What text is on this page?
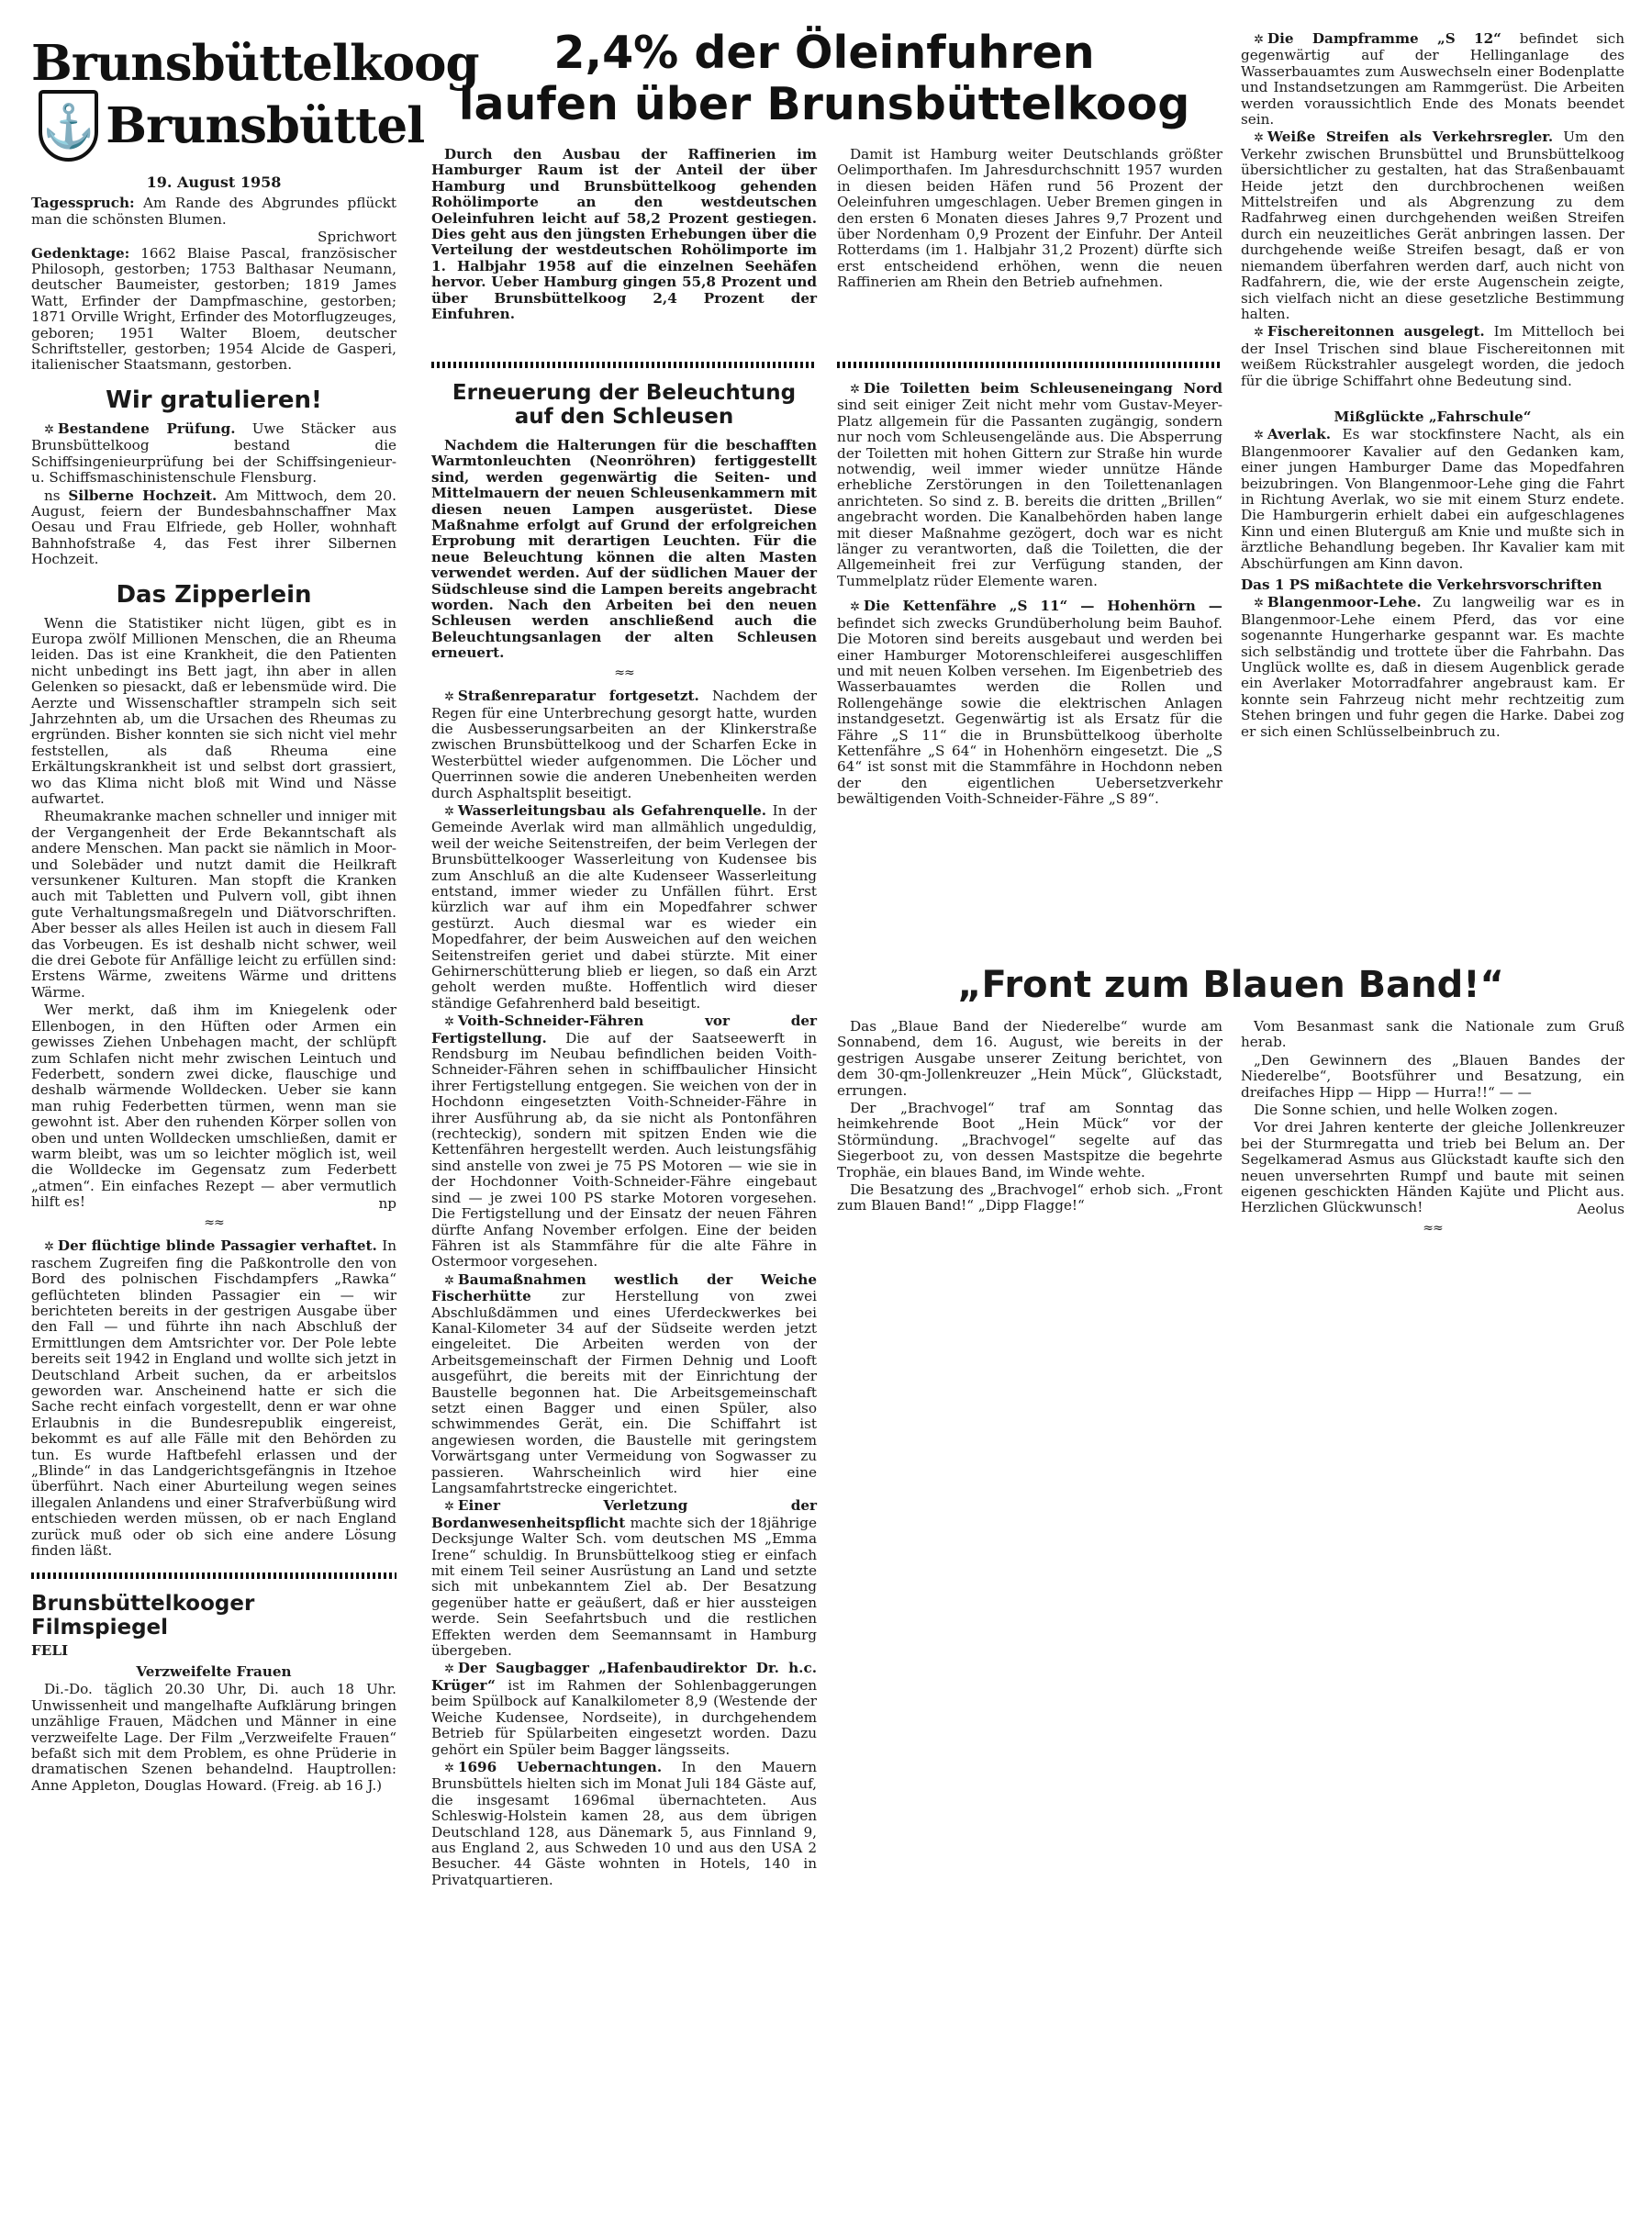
Brunsbüttelkoog
⚓ Brunsbüttel
19. August 1958

Tagesspruch: Am Rande des Abgrundes pflückt man die schönsten Blumen.

Sprichwort

Gedenktage: 1662 Blaise Pascal, französischer Philosoph, gestorben; 1753 Balthasar Neumann, deutscher Baumeister, gestorben; 1819 James Watt, Erfinder der Dampfmaschine, gestorben; 1871 Orville Wright, Erfinder des Motorflugzeuges, geboren; 1951 Walter Bloem, deutscher Schriftsteller, gestorben; 1954 Alcide de Gasperi, italienischer Staatsmann, gestorben.

Wir gratulieren!

✲ Bestandene Prüfung. Uwe Stäcker aus Brunsbüttelkoog bestand die Schiffsingenieurprüfung bei der Schiffsingenieur- u. Schiffsmaschinistenschule Flensburg.

ns Silberne Hochzeit. Am Mittwoch, dem 20. August, feiern der Bundesbahnschaffner Max Oesau und Frau Elfriede, geb Holler, wohnhaft Bahnhofstraße 4, das Fest ihrer Silbernen Hochzeit.

Das Zipperlein

Wenn die Statistiker nicht lügen, gibt es in Europa zwölf Millionen Menschen, die an Rheuma leiden. Das ist eine Krankheit, die den Patienten nicht unbedingt ins Bett jagt, ihn aber in allen Gelenken so piesackt, daß er lebensmüde wird. Die Aerzte und Wissenschaftler strampeln sich seit Jahrzehnten ab, um die Ursachen des Rheumas zu ergründen. Bisher konnten sie sich nicht viel mehr feststellen, als daß Rheuma eine Erkältungskrankheit ist und selbst dort grassiert, wo das Klima nicht bloß mit Wind und Nässe aufwartet.

Rheumakranke machen schneller und inniger mit der Vergangenheit der Erde Bekanntschaft als andere Menschen. Man packt sie nämlich in Moor- und Solebäder und nutzt damit die Heilkraft versunkener Kulturen. Man stopft die Kranken auch mit Tabletten und Pulvern voll, gibt ihnen gute Verhaltungsmaßregeln und Diätvorschriften. Aber besser als alles Heilen ist auch in diesem Fall das Vorbeugen. Es ist deshalb nicht schwer, weil die drei Gebote für Anfällige leicht zu erfüllen sind: Erstens Wärme, zweitens Wärme und drittens Wärme.

Wer merkt, daß ihm im Kniegelenk oder Ellenbogen, in den Hüften oder Armen ein gewisses Ziehen Unbehagen macht, der schlüpft zum Schlafen nicht mehr zwischen Leintuch und Federbett, sondern zwei dicke, flauschige und deshalb wärmende Wolldecken. Ueber sie kann man ruhig Federbetten türmen, wenn man sie gewohnt ist. Aber den ruhenden Körper sollen von oben und unten Wolldecken umschließen, damit er warm bleibt, was um so leichter möglich ist, weil die Wolldecke im Gegensatz zum Federbett „atmen“. Ein einfaches Rezept — aber vermutlich hilft es!	np
≈≈

✲ Der flüchtige blinde Passagier verhaftet. In raschem Zugreifen fing die Paßkontrolle den von Bord des polnischen Fischdampfers „Rawka“ geflüchteten blinden Passagier ein — wir berichteten bereits in der gestrigen Ausgabe über den Fall — und führte ihn nach Abschluß der Ermittlungen dem Amtsrichter vor. Der Pole lebte bereits seit 1942 in England und wollte sich jetzt in Deutschland Arbeit suchen, da er arbeitslos geworden war. Anscheinend hatte er sich die Sache recht einfach vorgestellt, denn er war ohne Erlaubnis in die Bundesrepublik eingereist, bekommt es auf alle Fälle mit den Behörden zu tun. Es wurde Haftbefehl erlassen und der „Blinde“ in das Landgerichtsgefängnis in Itzehoe überführt. Nach einer Aburteilung wegen seines illegalen Anlandens und einer Strafverbüßung wird entschieden werden müssen, ob er nach England zurück muß oder ob sich eine andere Lösung finden läßt.

Brunsbüttelkooger Filmspiegel
FELI
Verzweifelte Frauen

Di.-Do. täglich 20.30 Uhr, Di. auch 18 Uhr. Unwissenheit und mangelhafte Aufklärung bringen unzählige Frauen, Mädchen und Männer in eine verzweifelte Lage. Der Film „Verzweifelte Frauen“ befaßt sich mit dem Problem, es ohne Prüderie in dramatischen Szenen behandelnd. Hauptrollen: Anne Appleton, Douglas Howard. (Freig. ab 16 J.)

2,4% der Öleinfuhren
laufen über Brunsbüttelkoog

Durch den Ausbau der Raffinerien im Hamburger Raum ist der Anteil der über Hamburg und Brunsbüttelkoog gehenden Rohölimporte an den westdeutschen Oeleinfuhren leicht auf 58,2 Prozent gestiegen. Dies geht aus den jüngsten Erhebungen über die Verteilung der westdeutschen Rohölimporte im 1. Halbjahr 1958 auf die einzelnen Seehäfen hervor. Ueber Hamburg gingen 55,8 Prozent und über Brunsbüttelkoog 2,4 Prozent der Einfuhren.

Damit ist Hamburg weiter Deutschlands größter Oelimporthafen. Im Jahresdurchschnitt 1957 wurden in diesen beiden Häfen rund 56 Prozent der Oeleinfuhren umgeschlagen. Ueber Bremen gingen in den ersten 6 Monaten dieses Jahres 9,7 Prozent und über Nordenham 0,9 Prozent der Einfuhr. Der Anteil Rotterdams (im 1. Halbjahr 31,2 Prozent) dürfte sich erst entscheidend erhöhen, wenn die neuen Raffinerien am Rhein den Betrieb aufnehmen.

Erneuerung der Beleuchtung auf den Schleusen

Nachdem die Halterungen für die beschafften Warmtonleuchten (Neonröhren) fertiggestellt sind, werden gegenwärtig die Seiten- und Mittelmauern der neuen Schleusenkammern mit diesen neuen Lampen ausgerüstet. Diese Maßnahme erfolgt auf Grund der erfolgreichen Erprobung mit derartigen Leuchten. Für die neue Beleuchtung können die alten Masten verwendet werden. Auf der südlichen Mauer der Südschleuse sind die Lampen bereits angebracht worden. Nach den Arbeiten bei den neuen Schleusen werden anschließend auch die Beleuchtungsanlagen der alten Schleusen erneuert.

≈≈

✲ Straßenreparatur fortgesetzt. Nachdem der Regen für eine Unterbrechung gesorgt hatte, wurden die Ausbesserungsarbeiten an der Klinkerstraße zwischen Brunsbüttelkoog und der Scharfen Ecke in Westerbüttel wieder aufgenommen. Die Löcher und Querrinnen sowie die anderen Unebenheiten werden durch Asphaltsplit beseitigt.

✲ Wasserleitungsbau als Gefahrenquelle. In der Gemeinde Averlak wird man allmählich ungeduldig, weil der weiche Seitenstreifen, der beim Verlegen der Brunsbüttelkooger Wasserleitung von Kudensee bis zum Anschluß an die alte Kudenseer Wasserleitung entstand, immer wieder zu Unfällen führt. Erst kürzlich war auf ihm ein Mopedfahrer schwer gestürzt. Auch diesmal war es wieder ein Mopedfahrer, der beim Ausweichen auf den weichen Seitenstreifen geriet und dabei stürzte. Mit einer Gehirnerschütterung blieb er liegen, so daß ein Arzt geholt werden mußte. Hoffentlich wird dieser ständige Gefahrenherd bald beseitigt.

✲ Voith-Schneider-Fähren vor der Fertigstellung. Die auf der Saatseewerft in Rendsburg im Neubau befindlichen beiden Voith-Schneider-Fähren sehen in schiffbaulicher Hinsicht ihrer Fertigstellung entgegen. Sie weichen von der in Hochdonn eingesetzten Voith-Schneider-Fähre in ihrer Ausführung ab, da sie nicht als Pontonfähren (rechteckig), sondern mit spitzen Enden wie die Kettenfähren hergestellt werden. Auch leistungsfähig sind anstelle von zwei je 75 PS Motoren — wie sie in der Hochdonner Voith-Schneider-Fähre eingebaut sind — je zwei 100 PS starke Motoren vorgesehen. Die Fertigstellung und der Einsatz der neuen Fähren dürfte Anfang November erfolgen. Eine der beiden Fähren ist als Stammfähre für die alte Fähre in Ostermoor vorgesehen.

✲ Baumaßnahmen westlich der Weiche Fischerhütte zur Herstellung von zwei Abschlußdämmen und eines Uferdeckwerkes bei Kanal-Kilometer 34 auf der Südseite werden jetzt eingeleitet. Die Arbeiten werden von der Arbeitsgemeinschaft der Firmen Dehnig und Looft ausgeführt, die bereits mit der Einrichtung der Baustelle begonnen hat. Die Arbeitsgemeinschaft setzt einen Bagger und einen Spüler, also schwimmendes Gerät, ein. Die Schiffahrt ist angewiesen worden, die Baustelle mit geringstem Vorwärtsgang unter Vermeidung von Sogwasser zu passieren. Wahrscheinlich wird hier eine Langsamfahrtstrecke eingerichtet.

✲ Einer Verletzung der Bordanwesenheitspflicht machte sich der 18jährige Decksjunge Walter Sch. vom deutschen MS „Emma Irene“ schuldig. In Brunsbüttelkoog stieg er einfach mit einem Teil seiner Ausrüstung an Land und setzte sich mit unbekanntem Ziel ab. Der Besatzung gegenüber hatte er geäußert, daß er hier aussteigen werde. Sein Seefahrtsbuch und die restlichen Effekten werden dem Seemannsamt in Hamburg übergeben.

✲ Der Saugbagger „Hafenbaudirektor Dr. h.c. Krüger“ ist im Rahmen der Sohlenbaggerungen beim Spülbock auf Kanalkilometer 8,9 (Westende der Weiche Kudensee, Nordseite), in durchgehendem Betrieb für Spülarbeiten eingesetzt worden. Dazu gehört ein Spüler beim Bagger längsseits.

✲ 1696 Uebernachtungen. In den Mauern Brunsbüttels hielten sich im Monat Juli 184 Gäste auf, die insgesamt 1696mal übernachteten. Aus Schleswig-Holstein kamen 28, aus dem übrigen Deutschland 128, aus Dänemark 5, aus Finnland 9, aus England 2, aus Schweden 10 und aus den USA 2 Besucher. 44 Gäste wohnten in Hotels, 140 in Privatquartieren.

✲ Die Toiletten beim Schleuseneingang Nord sind seit einiger Zeit nicht mehr vom Gustav-Meyer-Platz allgemein für die Passanten zugängig, sondern nur noch vom Schleusengelände aus. Die Absperrung der Toiletten mit hohen Gittern zur Straße hin wurde notwendig, weil immer wieder unnütze Hände erhebliche Zerstörungen in den Toilettenanlagen anrichteten. So sind z. B. bereits die dritten „Brillen“ angebracht worden. Die Kanalbehörden haben lange mit dieser Maßnahme gezögert, doch war es nicht länger zu verantworten, daß die Toiletten, die der Allgemeinheit frei zur Verfügung standen, der Tummelplatz rüder Elemente waren.

✲ Die Kettenfähre „S 11“ — Hohenhörn — befindet sich zwecks Grundüberholung beim Bauhof. Die Motoren sind bereits ausgebaut und werden bei einer Hamburger Motorenschleiferei ausgeschliffen und mit neuen Kolben versehen. Im Eigenbetrieb des Wasserbauamtes werden die Rollen und Rollengehänge sowie die elektrischen Anlagen instandgesetzt. Gegenwärtig ist als Ersatz für die Fähre „S 11“ die in Brunsbüttelkoog überholte Kettenfähre „S 64“ in Hohenhörn eingesetzt. Die „S 64“ ist sonst mit die Stammfähre in Hochdonn neben der den eigentlichen Uebersetzverkehr bewältigenden Voith-Schneider-Fähre „S 89“.

✲ Die Dampframme „S 12“ befindet sich gegenwärtig auf der Hellinganlage des Wasserbauamtes zum Auswechseln einer Bodenplatte und Instandsetzungen am Rammgerüst. Die Arbeiten werden voraussichtlich Ende des Monats beendet sein.

✲ Weiße Streifen als Verkehrsregler. Um den Verkehr zwischen Brunsbüttel und Brunsbüttelkoog übersichtlicher zu gestalten, hat das Straßenbauamt Heide jetzt den durchbrochenen weißen Mittelstreifen und als Abgrenzung zu dem Radfahrweg einen durchgehenden weißen Streifen durch ein neuzeitliches Gerät anbringen lassen. Der durchgehende weiße Streifen besagt, daß er von niemandem überfahren werden darf, auch nicht von Radfahrern, die, wie der erste Augenschein zeigte, sich vielfach nicht an diese gesetzliche Bestimmung halten.

✲ Fischereitonnen ausgelegt. Im Mittelloch bei der Insel Trischen sind blaue Fischereitonnen mit weißem Rückstrahler ausgelegt worden, die jedoch für die übrige Schiffahrt ohne Bedeutung sind.

Mißglückte „Fahrschule“

✲ Averlak. Es war stockfinstere Nacht, als ein Blangenmoorer Kavalier auf den Gedanken kam, einer jungen Hamburger Dame das Mopedfahren beizubringen. Von Blangenmoor-Lehe ging die Fahrt in Richtung Averlak, wo sie mit einem Sturz endete. Die Hamburgerin erhielt dabei ein aufgeschlagenes Kinn und einen Bluterguß am Knie und mußte sich in ärztliche Behandlung begeben. Ihr Kavalier kam mit Abschürfungen am Kinn davon.

Das 1 PS mißachtete die Verkehrsvorschriften

✲ Blangenmoor-Lehe. Zu langweilig war es in Blangenmoor-Lehe einem Pferd, das vor eine sogenannte Hungerharke gespannt war. Es machte sich selbständig und trottete über die Fahrbahn. Das Unglück wollte es, daß in diesem Augenblick gerade ein Averlaker Motorradfahrer angebraust kam. Er konnte sein Fahrzeug nicht mehr rechtzeitig zum Stehen bringen und fuhr gegen die Harke. Dabei zog er sich einen Schlüsselbeinbruch zu.

„Front zum Blauen Band!“

Das „Blaue Band der Niederelbe“ wurde am Sonnabend, dem 16. August, wie bereits in der gestrigen Ausgabe unserer Zeitung berichtet, von dem 30-qm-Jollenkreuzer „Hein Mück“, Glückstadt, errungen.

Der „Brachvogel“ traf am Sonntag das heimkehrende Boot „Hein Mück“ vor der Störmündung. „Brachvogel“ segelte auf das Siegerboot zu, von dessen Mastspitze die begehrte Trophäe, ein blaues Band, im Winde wehte.

Die Besatzung des „Brachvogel“ erhob sich. „Front zum Blauen Band!“ „Dipp Flagge!“

Vom Besanmast sank die Nationale zum Gruß herab.

„Den Gewinnern des „Blauen Bandes der Niederelbe“, Bootsführer und Besatzung, ein dreifaches Hipp — Hipp — Hurra!!“ — —

Die Sonne schien, und helle Wolken zogen.

Vor drei Jahren kenterte der gleiche Jollenkreuzer bei der Sturmregatta und trieb bei Belum an. Der Segelkamerad Asmus aus Glückstadt kaufte sich den neuen unversehrten Rumpf und baute mit seinen eigenen geschickten Händen Kajüte und Plicht aus. Herzlichen Glückwunsch!	Aeolus
≈≈
